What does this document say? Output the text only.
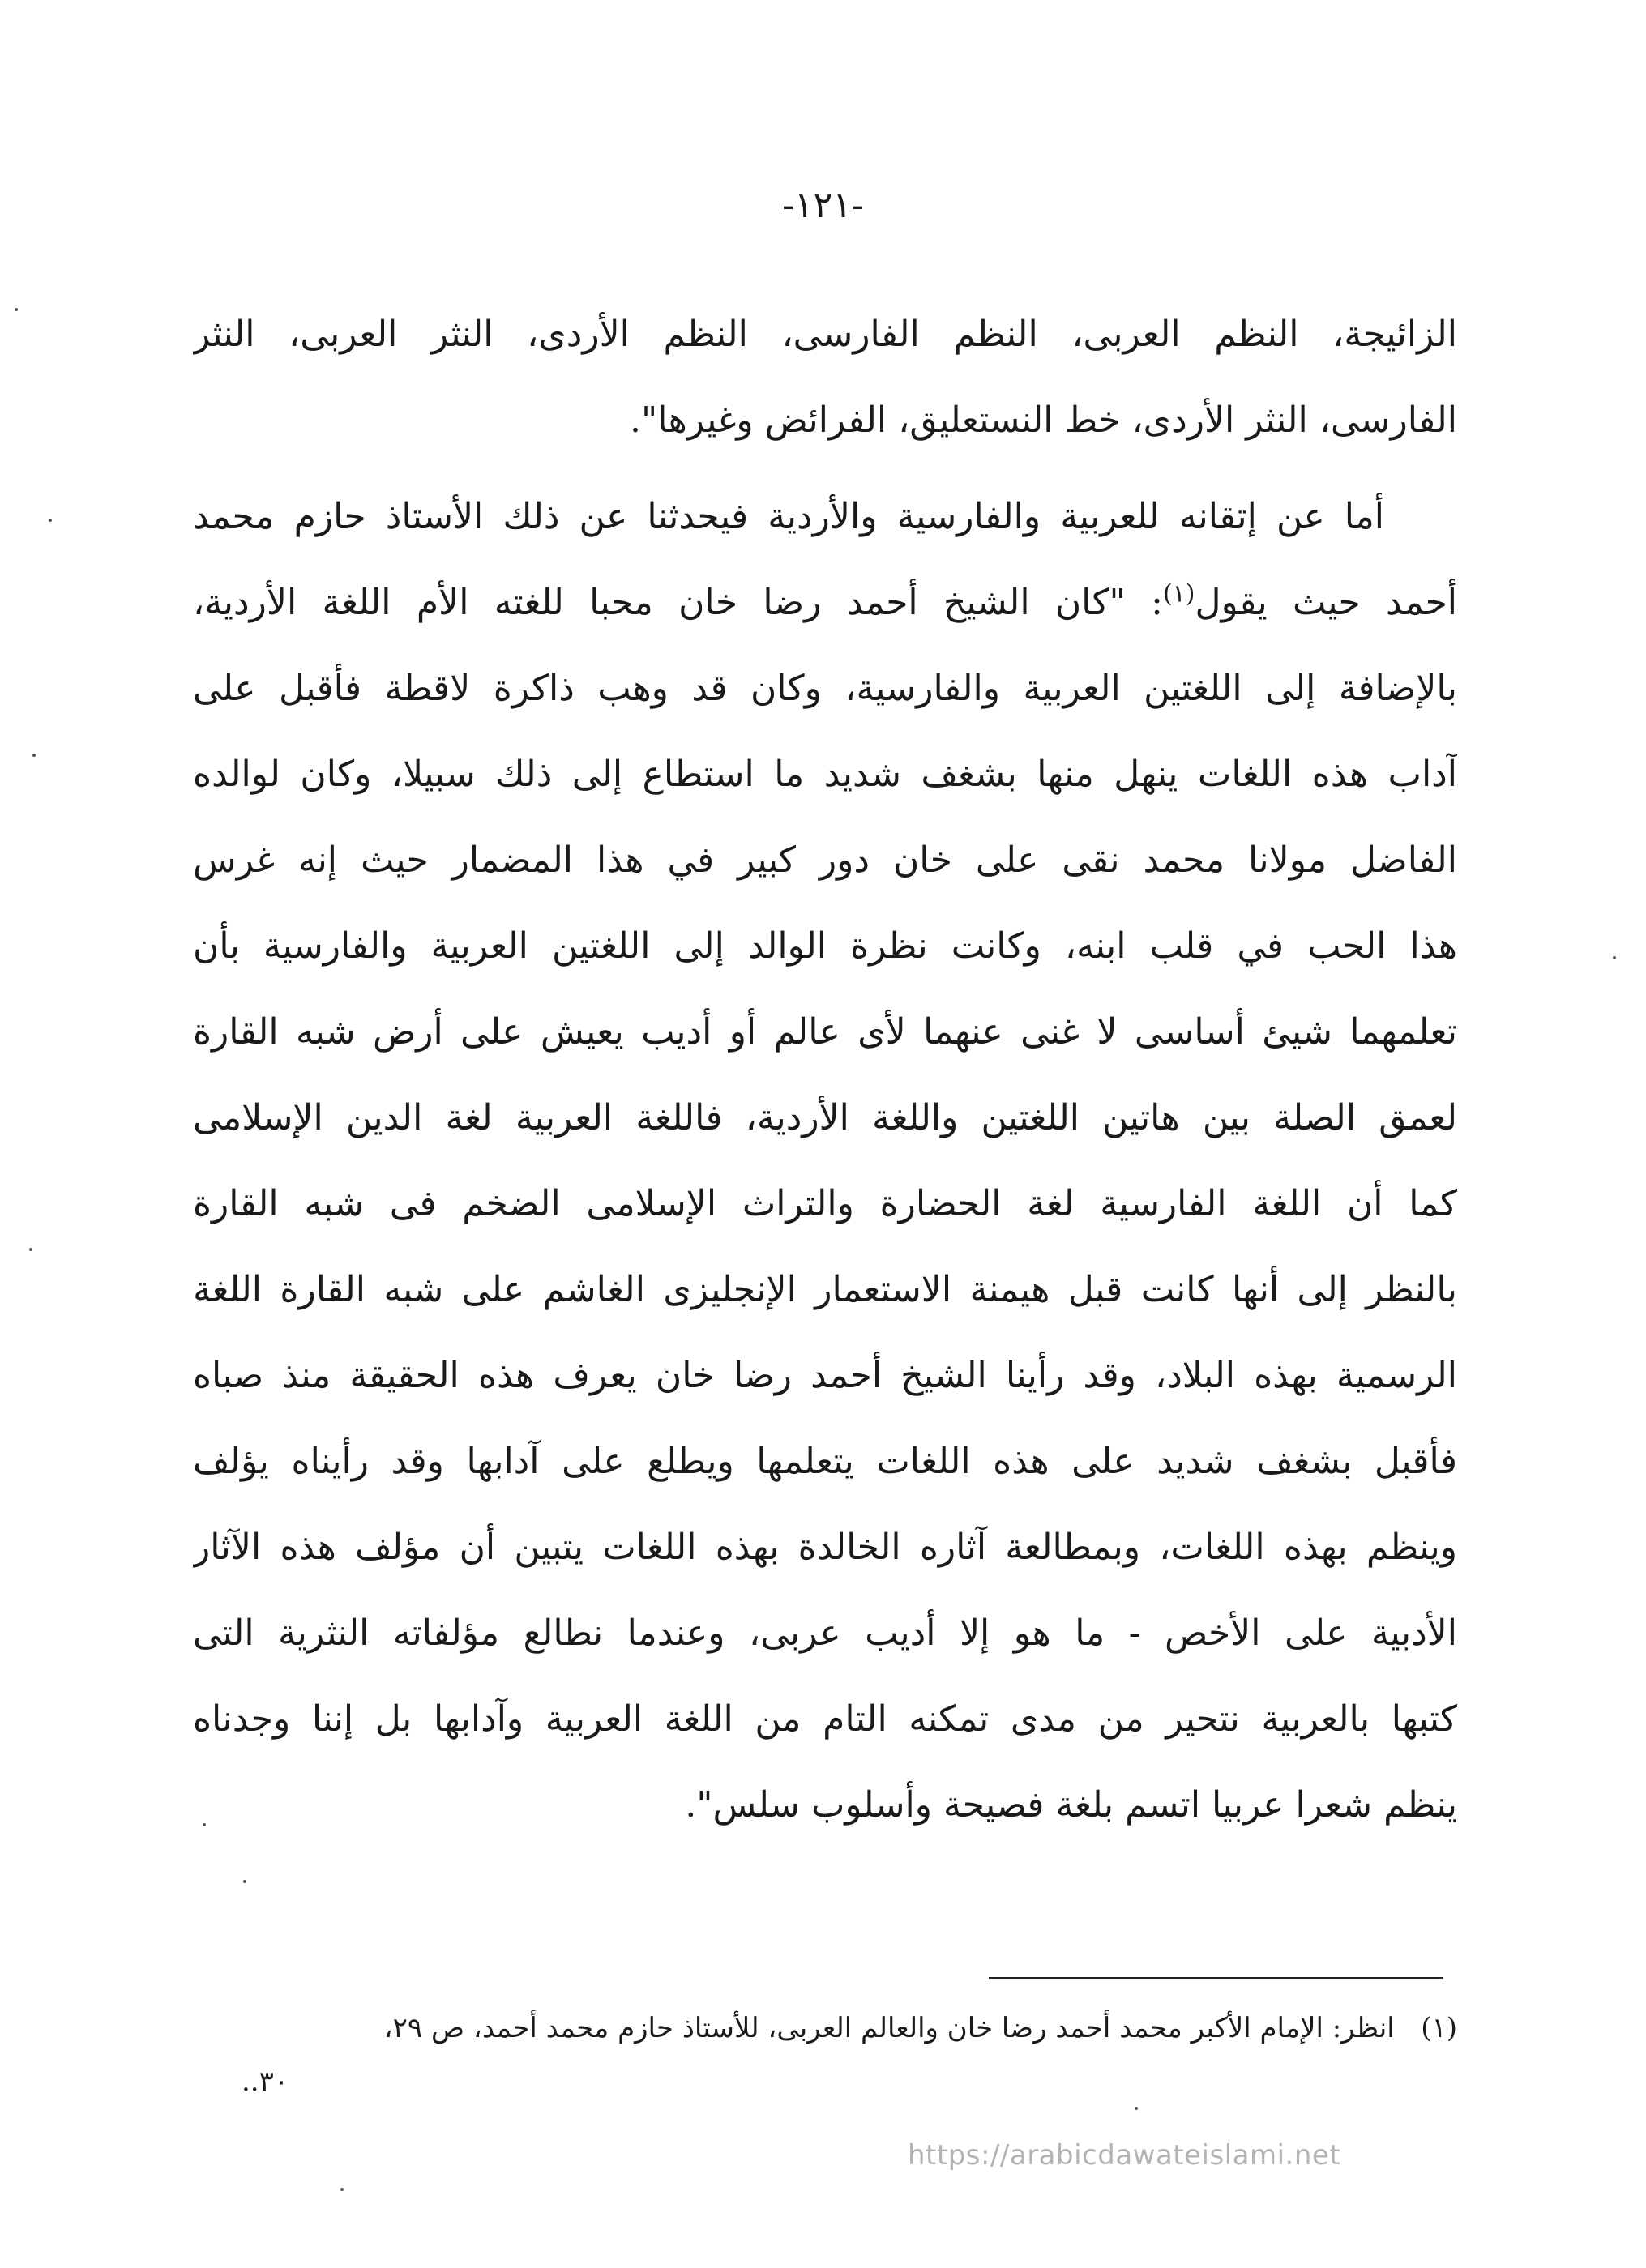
-١٢١-
الزائيجة، النظم العربى، النظم الفارسى، النظم الأردى، النثر العربى، النثر
الفارسى، النثر الأردى، خط النستعليق، الفرائض وغيرها".
أما عن إتقانه للعربية والفارسية والأردية فيحدثنا عن ذلك الأستاذ حازم محمد
أحمد حيث يقول$^{(١)}$: "كان الشيخ أحمد رضا خان محبا للغته الأم اللغة الأردية،
بالإضافة إلى اللغتين العربية والفارسية، وكان قد وهب ذاكرة لاقطة فأقبل على
آداب هذه اللغات ينهل منها بشغف شديد ما استطاع إلى ذلك سبيلا، وكان لوالده
الفاضل مولانا محمد نقى على خان دور كبير في هذا المضمار حيث إنه غرس
هذا الحب في قلب ابنه، وكانت نظرة الوالد إلى اللغتين العربية والفارسية بأن
تعلمهما شيئ أساسى لا غنى عنهما لأى عالم أو أديب يعيش على أرض شبه القارة
لعمق الصلة بين هاتين اللغتين واللغة الأردية، فاللغة العربية لغة الدين الإسلامى
كما أن اللغة الفارسية لغة الحضارة والتراث الإسلامى الضخم فى شبه القارة
بالنظر إلى أنها كانت قبل هيمنة الاستعمار الإنجليزى الغاشم على شبه القارة اللغة
الرسمية بهذه البلاد، وقد رأينا الشيخ أحمد رضا خان يعرف هذه الحقيقة منذ صباه
فأقبل بشغف شديد على هذه اللغات يتعلمها ويطلع على آدابها وقد رأيناه يؤلف
وينظم بهذه اللغات، وبمطالعة آثاره الخالدة بهذه اللغات يتبين أن مؤلف هذه الآثار
الأدبية على الأخص - ما هو إلا أديب عربى، وعندما نطالع مؤلفاته النثرية التى
كتبها بالعربية نتحير من مدى تمكنه التام من اللغة العربية وآدابها بل إننا وجدناه
ينظم شعرا عربيا اتسم بلغة فصيحة وأسلوب سلس".
(١)   انظر: الإمام الأكبر محمد أحمد رضا خان والعالم العربى، للأستاذ حازم محمد أحمد، ص ٢٩،
٣٠..
https://arabicdawateislami.net
